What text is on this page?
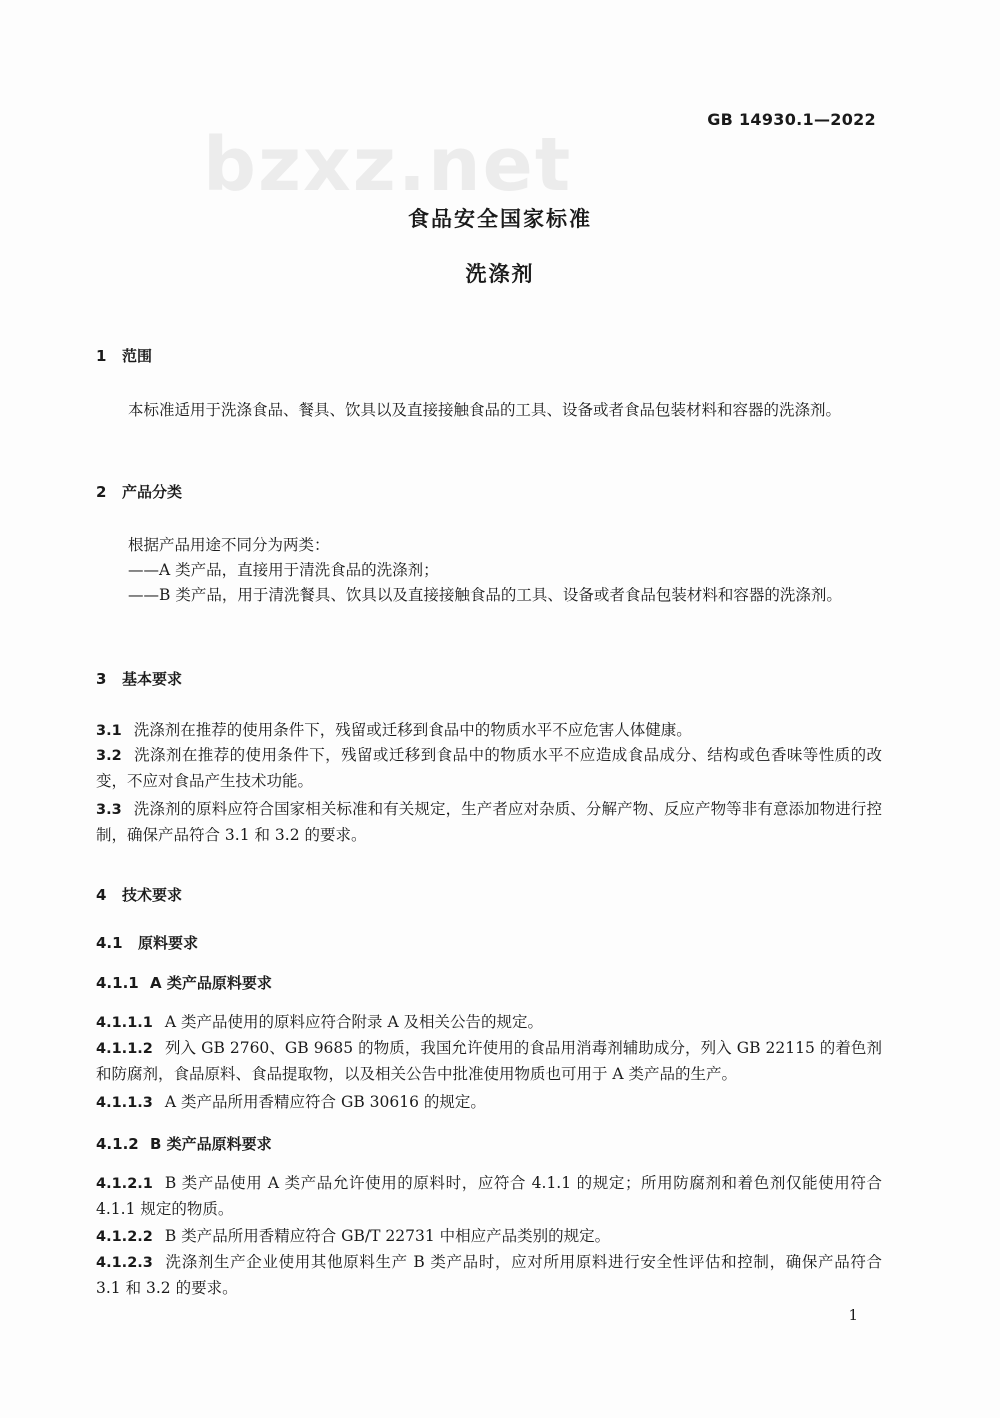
bzxz.net
GB 14930.1—2022
食品安全国家标准
洗涤剂
1 范围
本标准适用于洗涤食品、餐具、饮具以及直接接触食品的工具、设备或者食品包装材料和容器的洗涤剂。
2 产品分类
根据产品用途不同分为两类：
——A 类产品，直接用于清洗食品的洗涤剂；
——B 类产品，用于清洗餐具、饮具以及直接接触食品的工具、设备或者食品包装材料和容器的洗涤剂。
3 基本要求
3.1 洗涤剂在推荐的使用条件下，残留或迁移到食品中的物质水平不应危害人体健康。
3.2 洗涤剂在推荐的使用条件下，残留或迁移到食品中的物质水平不应造成食品成分、结构或色香味等性质的改变，不应对食品产生技术功能。
3.3 洗涤剂的原料应符合国家相关标准和有关规定，生产者应对杂质、分解产物、反应产物等非有意添加物进行控制，确保产品符合 3.1 和 3.2 的要求。
4 技术要求
4.1 原料要求
4.1.1 A 类产品原料要求
4.1.1.1 A 类产品使用的原料应符合附录 A 及相关公告的规定。
4.1.1.2 列入 GB 2760、GB 9685 的物质，我国允许使用的食品用消毒剂辅助成分，列入 GB 22115 的着色剂和防腐剂，食品原料、食品提取物，以及相关公告中批准使用物质也可用于 A 类产品的生产。
4.1.1.3 A 类产品所用香精应符合 GB 30616 的规定。
4.1.2 B 类产品原料要求
4.1.2.1 B 类产品使用 A 类产品允许使用的原料时，应符合 4.1.1 的规定；所用防腐剂和着色剂仅能使用符合 4.1.1 规定的物质。
4.1.2.2 B 类产品所用香精应符合 GB/T 22731 中相应产品类别的规定。
4.1.2.3 洗涤剂生产企业使用其他原料生产 B 类产品时，应对所用原料进行安全性评估和控制，确保产品符合 3.1 和 3.2 的要求。
1
